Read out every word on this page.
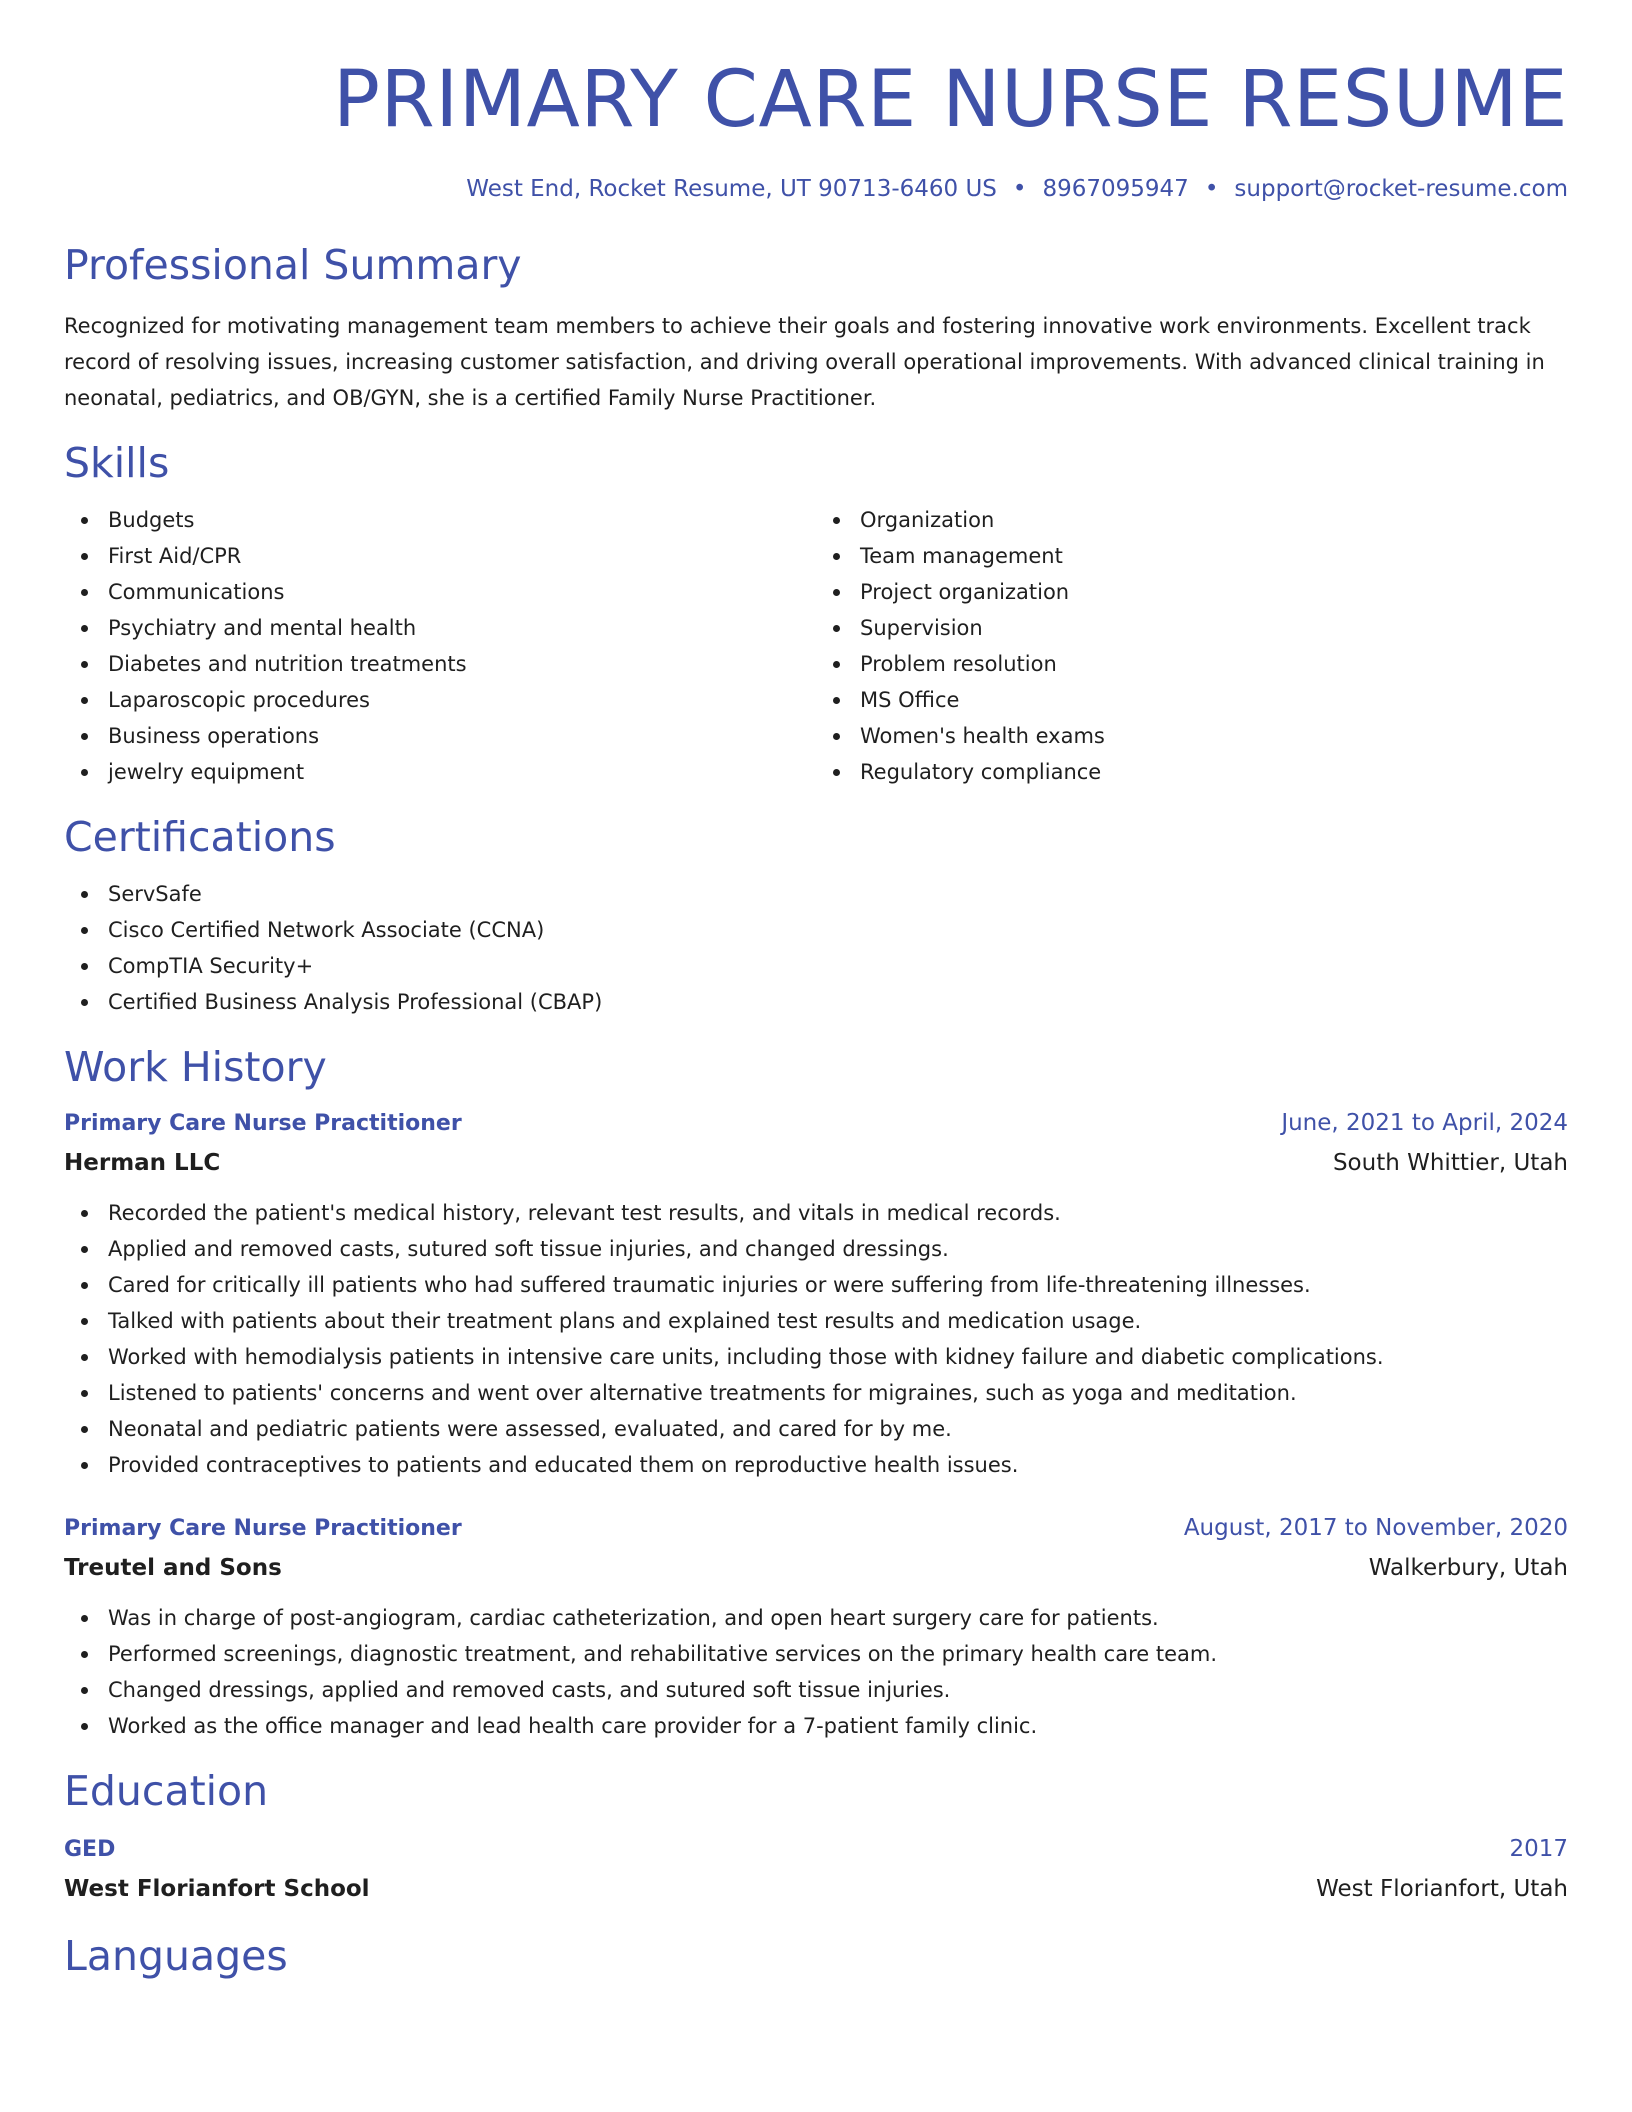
PRIMARY CARE NURSE RESUME
West End, Rocket Resume, UT 90713-6460 US • 8967095947 • support@rocket-resume.com
Professional Summary
Recognized for motivating management team members to achieve their goals and fostering innovative work environments. Excellent track record of resolving issues, increasing customer satisfaction, and driving overall operational improvements. With advanced clinical training in neonatal, pediatrics, and OB/GYN, she is a certified Family Nurse Practitioner.
Skills
Budgets
First Aid/CPR
Communications
Psychiatry and mental health
Diabetes and nutrition treatments
Laparoscopic procedures
Business operations
jewelry equipment
Organization
Team management
Project organization
Supervision
Problem resolution
MS Office
Women's health exams
Regulatory compliance
Certifications
ServSafe
Cisco Certified Network Associate (CCNA)
CompTIA Security+
Certified Business Analysis Professional (CBAP)
Work History
Primary Care Nurse Practitioner	June, 2021 to April, 2024
Herman LLC	South Whittier, Utah
Recorded the patient's medical history, relevant test results, and vitals in medical records.
Applied and removed casts, sutured soft tissue injuries, and changed dressings.
Cared for critically ill patients who had suffered traumatic injuries or were suffering from life-threatening illnesses.
Talked with patients about their treatment plans and explained test results and medication usage.
Worked with hemodialysis patients in intensive care units, including those with kidney failure and diabetic complications.
Listened to patients' concerns and went over alternative treatments for migraines, such as yoga and meditation.
Neonatal and pediatric patients were assessed, evaluated, and cared for by me.
Provided contraceptives to patients and educated them on reproductive health issues.
Primary Care Nurse Practitioner	August, 2017 to November, 2020
Treutel and Sons	Walkerbury, Utah
Was in charge of post-angiogram, cardiac catheterization, and open heart surgery care for patients.
Performed screenings, diagnostic treatment, and rehabilitative services on the primary health care team.
Changed dressings, applied and removed casts, and sutured soft tissue injuries.
Worked as the office manager and lead health care provider for a 7-patient family clinic.
Education
GED	2017
West Florianfort School	West Florianfort, Utah
Languages
